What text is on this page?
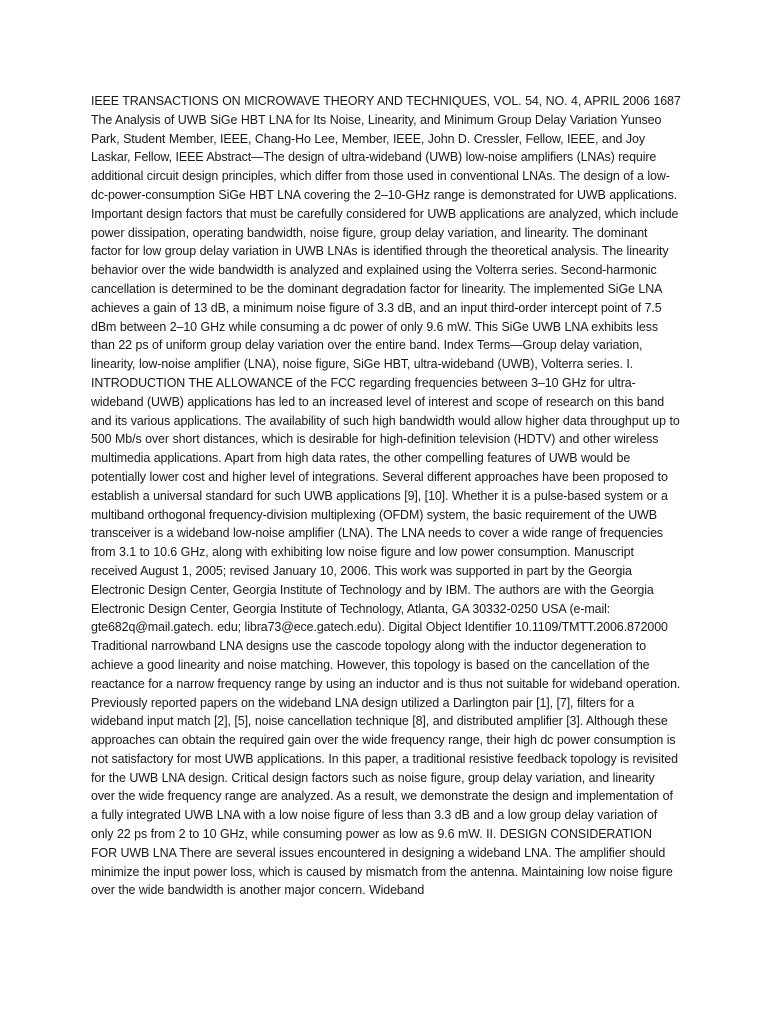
IEEE TRANSACTIONS ON MICROWAVE THEORY AND TECHNIQUES, VOL. 54, NO. 4, APRIL 2006 1687 The Analysis of UWB SiGe HBT LNA for Its Noise, Linearity, and Minimum Group Delay Variation Yunseo Park, Student Member, IEEE, Chang-Ho Lee, Member, IEEE, John D. Cressler, Fellow, IEEE, and Joy Laskar, Fellow, IEEE Abstract—The design of ultra-wideband (UWB) low-noise amplifiers (LNAs) require additional circuit design principles, which differ from those used in conventional LNAs. The design of a low-dc-power-consumption SiGe HBT LNA covering the 2–10-GHz range is demonstrated for UWB applications. Important design factors that must be carefully considered for UWB applications are analyzed, which include power dissipation, operating bandwidth, noise figure, group delay variation, and linearity. The dominant factor for low group delay variation in UWB LNAs is identified through the theoretical analysis. The linearity behavior over the wide bandwidth is analyzed and explained using the Volterra series. Second-harmonic cancellation is determined to be the dominant degradation factor for linearity. The implemented SiGe LNA achieves a gain of 13 dB, a minimum noise figure of 3.3 dB, and an input third-order intercept point of 7.5 dBm between 2–10 GHz while consuming a dc power of only 9.6 mW. This SiGe UWB LNA exhibits less than 22 ps of uniform group delay variation over the entire band. Index Terms—Group delay variation, linearity, low-noise amplifier (LNA), noise figure, SiGe HBT, ultra-wideband (UWB), Volterra series. I. INTRODUCTION THE ALLOWANCE of the FCC regarding frequencies between 3–10 GHz for ultra-wideband (UWB) applications has led to an increased level of interest and scope of research on this band and its various applications. The availability of such high bandwidth would allow higher data throughput up to 500 Mb/s over short distances, which is desirable for high-definition television (HDTV) and other wireless multimedia applications. Apart from high data rates, the other compelling features of UWB would be potentially lower cost and higher level of integrations. Several different approaches have been proposed to establish a universal standard for such UWB applications [9], [10]. Whether it is a pulse-based system or a multiband orthogonal frequency-division multiplexing (OFDM) system, the basic requirement of the UWB transceiver is a wideband low-noise amplifier (LNA). The LNA needs to cover a wide range of frequencies from 3.1 to 10.6 GHz, along with exhibiting low noise figure and low power consumption. Manuscript received August 1, 2005; revised January 10, 2006. This work was supported in part by the Georgia Electronic Design Center, Georgia Institute of Technology and by IBM. The authors are with the Georgia Electronic Design Center, Georgia Institute of Technology, Atlanta, GA 30332-0250 USA (e-mail: gte682q@mail.gatech. edu; libra73@ece.gatech.edu). Digital Object Identifier 10.1109/TMTT.2006.872000 Traditional narrowband LNA designs use the cascode topology along with the inductor degeneration to achieve a good linearity and noise matching. However, this topology is based on the cancellation of the reactance for a narrow frequency range by using an inductor and is thus not suitable for wideband operation. Previously reported papers on the wideband LNA design utilized a Darlington pair [1], [7], filters for a wideband input match [2], [5], noise cancellation technique [8], and distributed amplifier [3]. Although these approaches can obtain the required gain over the wide frequency range, their high dc power consumption is not satisfactory for most UWB applications. In this paper, a traditional resistive feedback topology is revisited for the UWB LNA design. Critical design factors such as noise figure, group delay variation, and linearity over the wide frequency range are analyzed. As a result, we demonstrate the design and implementation of a fully integrated UWB LNA with a low noise figure of less than 3.3 dB and a low group delay variation of only 22 ps from 2 to 10 GHz, while consuming power as low as 9.6 mW. II. DESIGN CONSIDERATION FOR UWB LNA There are several issues encountered in designing a wideband LNA. The amplifier should minimize the input power loss, which is caused by mismatch from the antenna. Maintaining low noise figure over the wide bandwidth is another major concern. Wideband
